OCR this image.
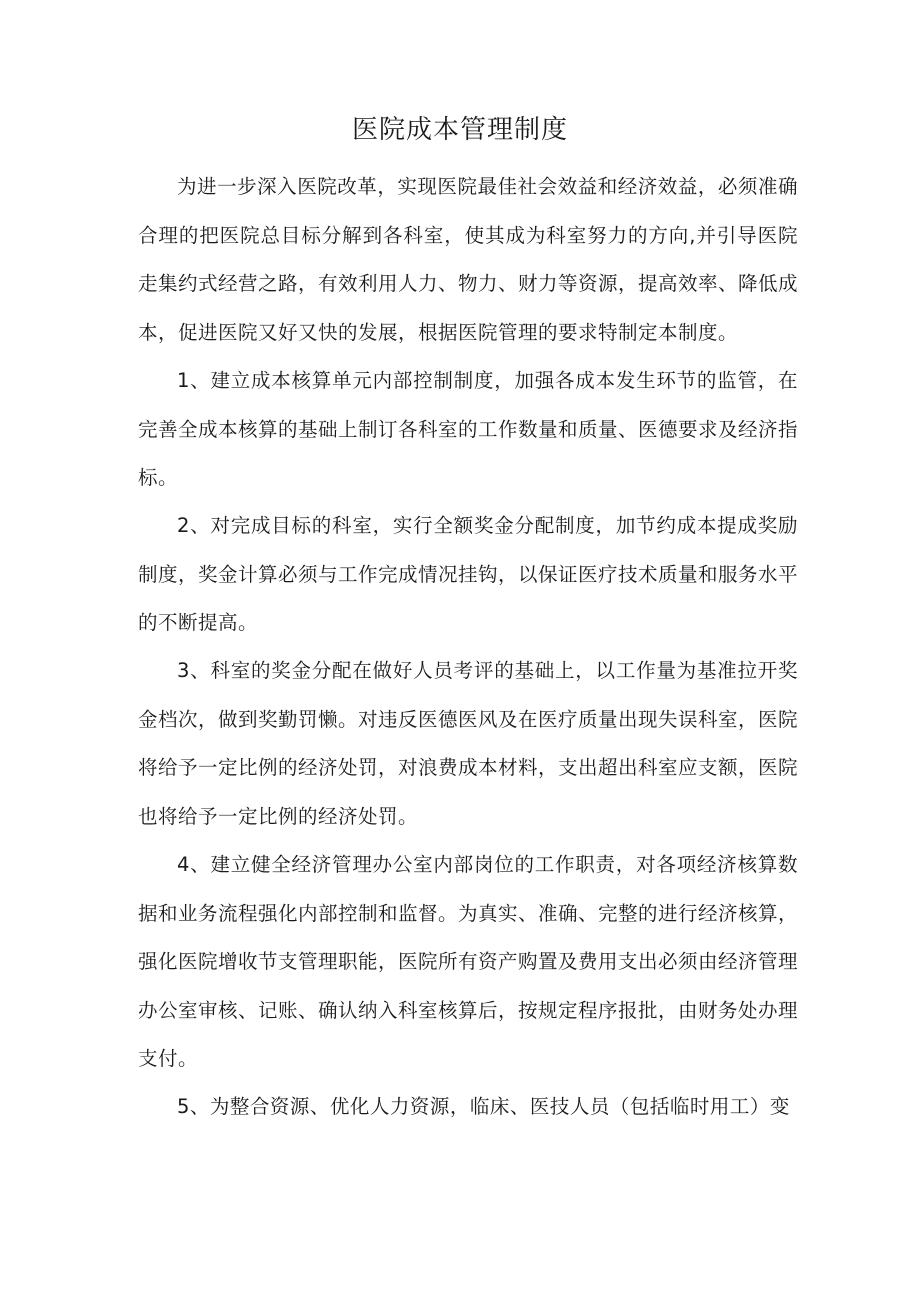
医院成本管理制度

为进一步深入医院改革，实现医院最佳社会效益和经济效益，必须准确合理的把医院总目标分解到各科室，使其成为科室努力的方向,并引导医院走集约式经营之路，有效利用人力、物力、财力等资源，提高效率、降低成本，促进医院又好又快的发展，根据医院管理的要求特制定本制度。

1、建立成本核算单元内部控制制度，加强各成本发生环节的监管，在完善全成本核算的基础上制订各科室的工作数量和质量、医德要求及经济指标。

2、对完成目标的科室，实行全额奖金分配制度，加节约成本提成奖励制度，奖金计算必须与工作完成情况挂钩，以保证医疗技术质量和服务水平的不断提高。

3、科室的奖金分配在做好人员考评的基础上，以工作量为基准拉开奖金档次，做到奖勤罚懒。对违反医德医风及在医疗质量出现失误科室，医院将给予一定比例的经济处罚，对浪费成本材料，支出超出科室应支额，医院也将给予一定比例的经济处罚。

4、建立健全经济管理办公室内部岗位的工作职责，对各项经济核算数据和业务流程强化内部控制和监督。为真实、准确、完整的进行经济核算，强化医院增收节支管理职能，医院所有资产购置及费用支出必须由经济管理办公室审核、记账、确认纳入科室核算后，按规定程序报批，由财务处办理支付。

5、为整合资源、优化人力资源，临床、医技人员（包括临时用工）变
